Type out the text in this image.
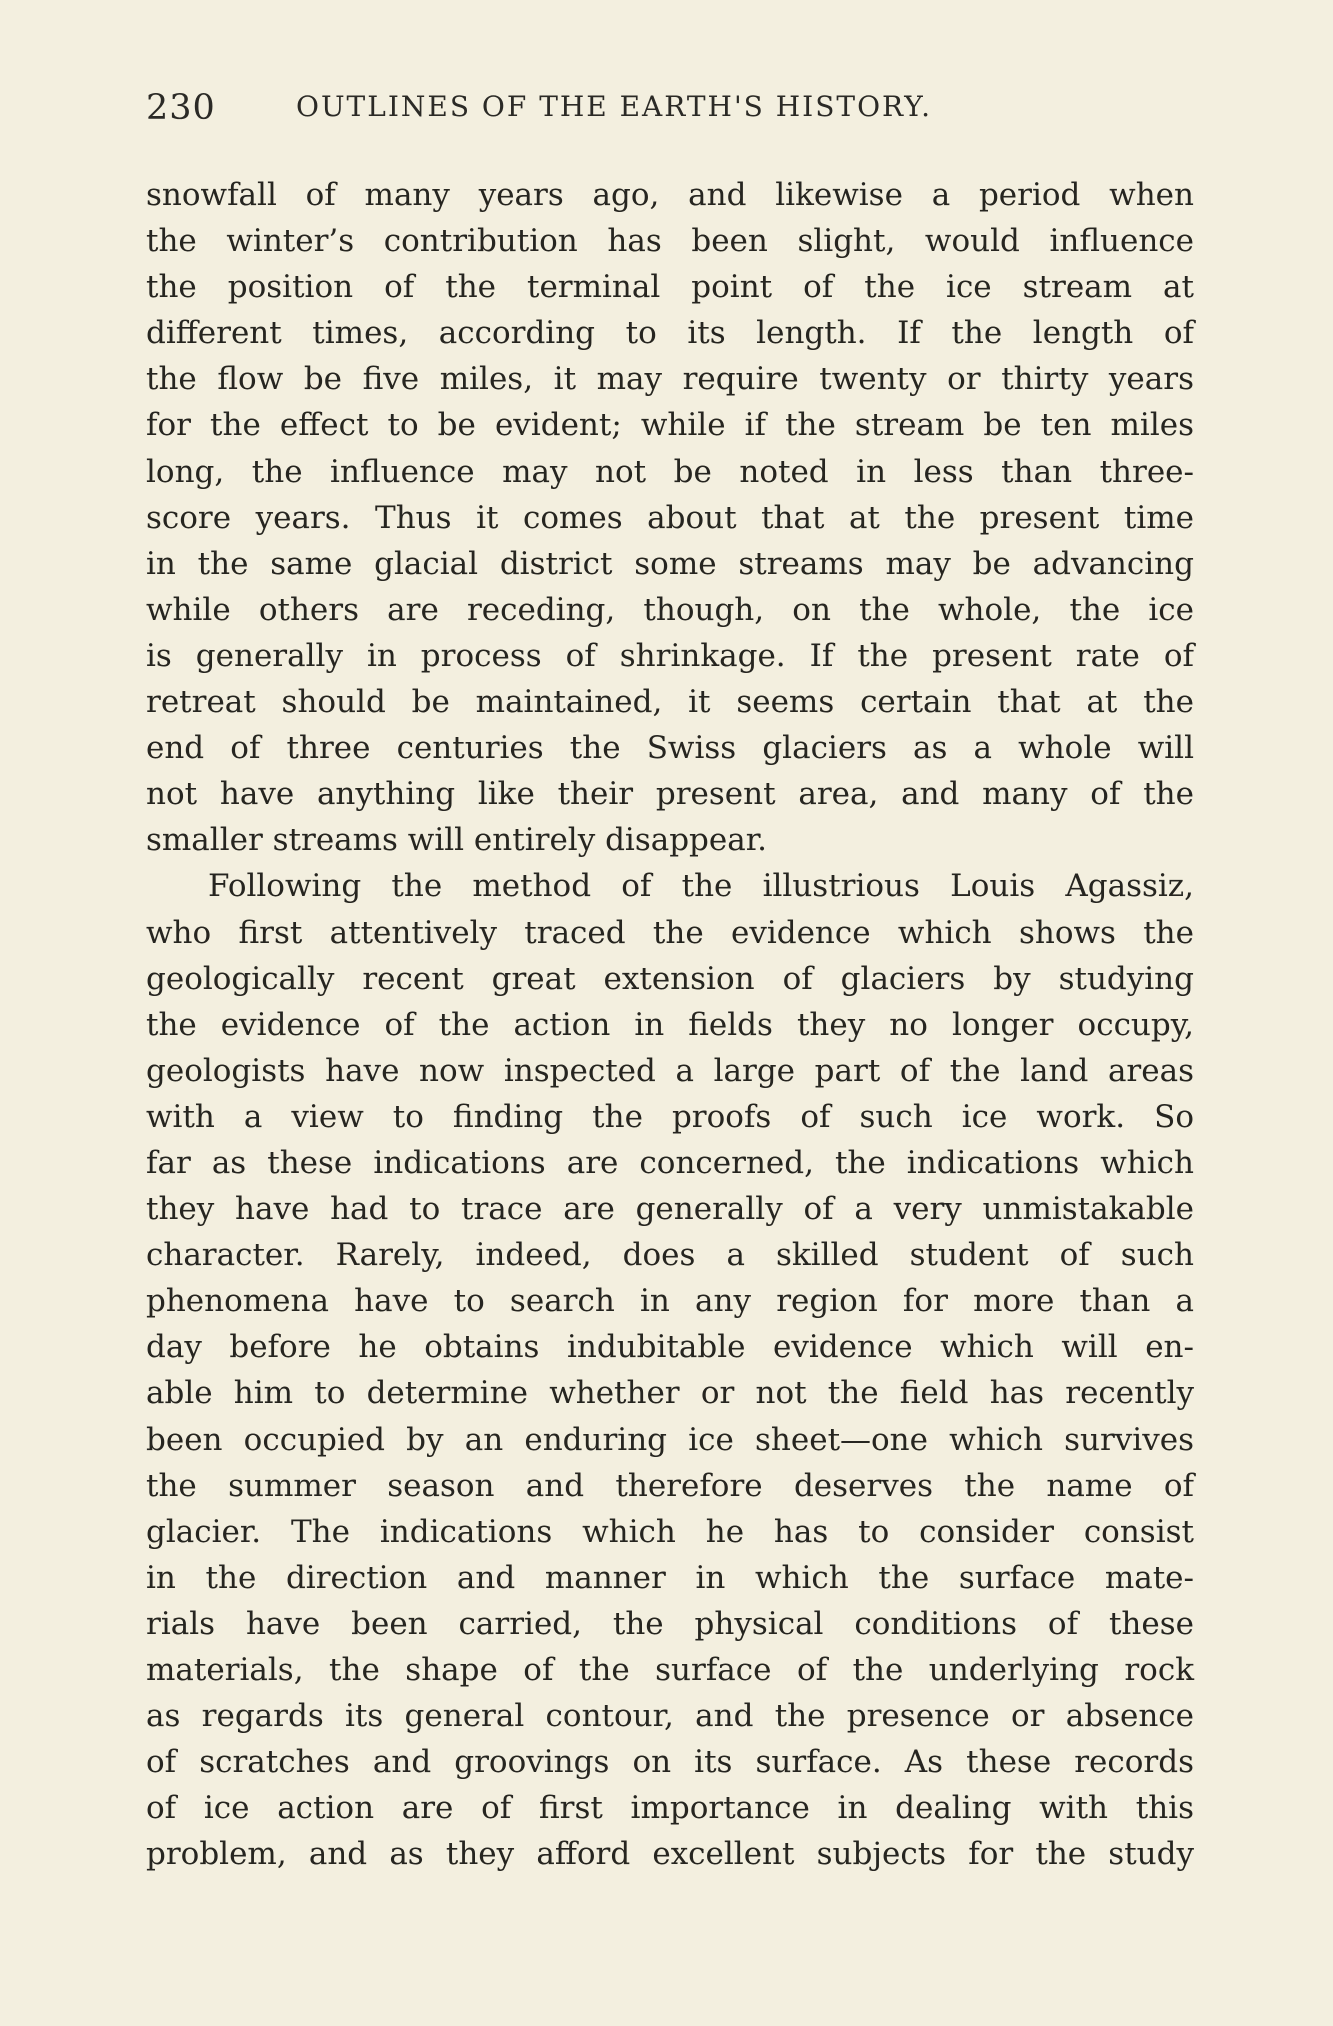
230	OUTLINES OF THE EARTH'S HISTORY.
snowfall of many years ago, and likewise a period when
the winter’s contribution has been slight, would influence
the position of the terminal point of the ice stream at
different times, according to its length. If the length of
the flow be five miles, it may require twenty or thirty years
for the effect to be evident; while if the stream be ten miles
long, the influence may not be noted in less than three-
score years. Thus it comes about that at the present time
in the same glacial district some streams may be advancing
while others are receding, though, on the whole, the ice
is generally in process of shrinkage. If the present rate of
retreat should be maintained, it seems certain that at the
end of three centuries the Swiss glaciers as a whole will
not have anything like their present area, and many of the
smaller streams will entirely disappear.
Following the method of the illustrious Louis Agassiz,
who first attentively traced the evidence which shows the
geologically recent great extension of glaciers by studying
the evidence of the action in fields they no longer occupy,
geologists have now inspected a large part of the land areas
with a view to finding the proofs of such ice work. So
far as these indications are concerned, the indications which
they have had to trace are generally of a very unmistakable
character. Rarely, indeed, does a skilled student of such
phenomena have to search in any region for more than a
day before he obtains indubitable evidence which will en-
able him to determine whether or not the field has recently
been occupied by an enduring ice sheet—one which survives
the summer season and therefore deserves the name of
glacier. The indications which he has to consider consist
in the direction and manner in which the surface mate-
rials have been carried, the physical conditions of these
materials, the shape of the surface of the underlying rock
as regards its general contour, and the presence or absence
of scratches and groovings on its surface. As these records
of ice action are of first importance in dealing with this
problem, and as they afford excellent subjects for the study
